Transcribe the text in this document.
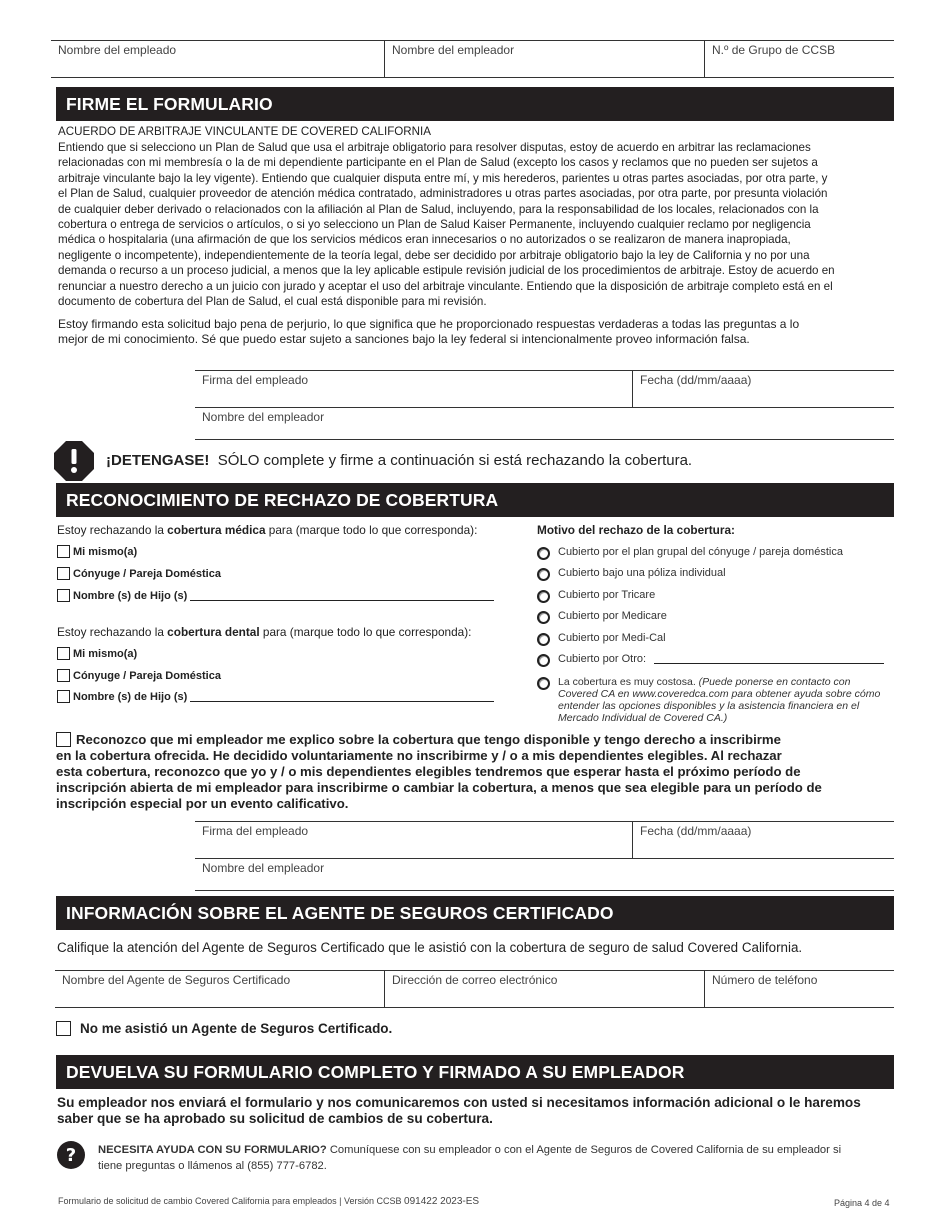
Nombre del empleado	Nombre del empleador	N.º de Grupo de CCSB
FIRME EL FORMULARIO
ACUERDO DE ARBITRAJE VINCULANTE DE COVERED CALIFORNIA
Entiendo que si selecciono un Plan de Salud que usa el arbitraje obligatorio para resolver disputas, estoy de acuerdo en arbitrar las reclamaciones
relacionadas con mi membresía o la de mi dependiente participante en el Plan de Salud (excepto los casos y reclamos que no pueden ser sujetos a
arbitraje vinculante bajo la ley vigente). Entiendo que cualquier disputa entre mí, y mis herederos, parientes u otras partes asociadas, por otra parte, y
el Plan de Salud, cualquier proveedor de atención médica contratado, administradores u otras partes asociadas, por otra parte, por presunta violación
de cualquier deber derivado o relacionados con la afiliación al Plan de Salud, incluyendo, para la responsabilidad de los locales, relacionados con la
cobertura o entrega de servicios o artículos, o si yo selecciono un Plan de Salud Kaiser Permanente, incluyendo cualquier reclamo por negligencia
médica o hospitalaria (una afirmación de que los servicios médicos eran innecesarios o no autorizados o se realizaron de manera inapropiada,
negligente o incompetente), independientemente de la teoría legal, debe ser decidido por arbitraje obligatorio bajo la ley de California y no por una
demanda o recurso a un proceso judicial, a menos que la ley aplicable estipule revisión judicial de los procedimientos de arbitraje. Estoy de acuerdo en
renunciar a nuestro derecho a un juicio con jurado y aceptar el uso del arbitraje vinculante. Entiendo que la disposición de arbitraje completo está en el
documento de cobertura del Plan de Salud, el cual está disponible para mi revisión.
Estoy firmando esta solicitud bajo pena de perjurio, lo que significa que he proporcionado respuestas verdaderas a todas las preguntas a lo
mejor de mi conocimiento. Sé que puedo estar sujeto a sanciones bajo la ley federal si intencionalmente proveo información falsa.
Firma del empleado	Fecha (dd/mm/aaaa)
Nombre del empleador
¡DETENGASE! SÓLO complete y firme a continuación si está rechazando la cobertura.
RECONOCIMIENTO DE RECHAZO DE COBERTURA
Estoy rechazando la cobertura médica para (marque todo lo que corresponda):
Mi mismo(a)
Cónyuge / Pareja Doméstica
Nombre (s) de Hijo (s)
Estoy rechazando la cobertura dental para (marque todo lo que corresponda):
Mi mismo(a)
Cónyuge / Pareja Doméstica
Nombre (s) de Hijo (s)
Motivo del rechazo de la cobertura:
Cubierto por el plan grupal del cónyuge / pareja doméstica
Cubierto bajo una póliza individual
Cubierto por Tricare
Cubierto por Medicare
Cubierto por Medi-Cal
Cubierto por Otro:
La cobertura es muy costosa. (Puede ponerse en contacto con
Covered CA en www.coveredca.com para obtener ayuda sobre cómo
entender las opciones disponibles y la asistencia financiera en el
Mercado Individual de Covered CA.)
Reconozco que mi empleador me explico sobre la cobertura que tengo disponible y tengo derecho a inscribirme
en la cobertura ofrecida. He decidido voluntariamente no inscribirme y / o a mis dependientes elegibles. Al rechazar
esta cobertura, reconozco que yo y / o mis dependientes elegibles tendremos que esperar hasta el próximo período de
inscripción abierta de mi empleador para inscribirme o cambiar la cobertura, a menos que sea elegible para un período de
inscripción especial por un evento calificativo.
Firma del empleado	Fecha (dd/mm/aaaa)
Nombre del empleador
INFORMACIÓN SOBRE EL AGENTE DE SEGUROS CERTIFICADO
Califique la atención del Agente de Seguros Certificado que le asistió con la cobertura de seguro de salud Covered California.
Nombre del Agente de Seguros Certificado	Dirección de correo electrónico	Número de teléfono
No me asistió un Agente de Seguros Certificado.
DEVUELVA SU FORMULARIO COMPLETO Y FIRMADO A SU EMPLEADOR
Su empleador nos enviará el formulario y nos comunicaremos con usted si necesitamos información adicional o le haremos
saber que se ha aprobado su solicitud de cambios de su cobertura.
? NECESITA AYUDA CON SU FORMULARIO? Comuníquese con su empleador o con el Agente de Seguros de Covered California de su empleador si
tiene preguntas o llámenos al (855) 777-6782.
Formulario de solicitud de cambio Covered California para empleados | Versión CCSB 091422 2023-ES	Página 4 de 4
